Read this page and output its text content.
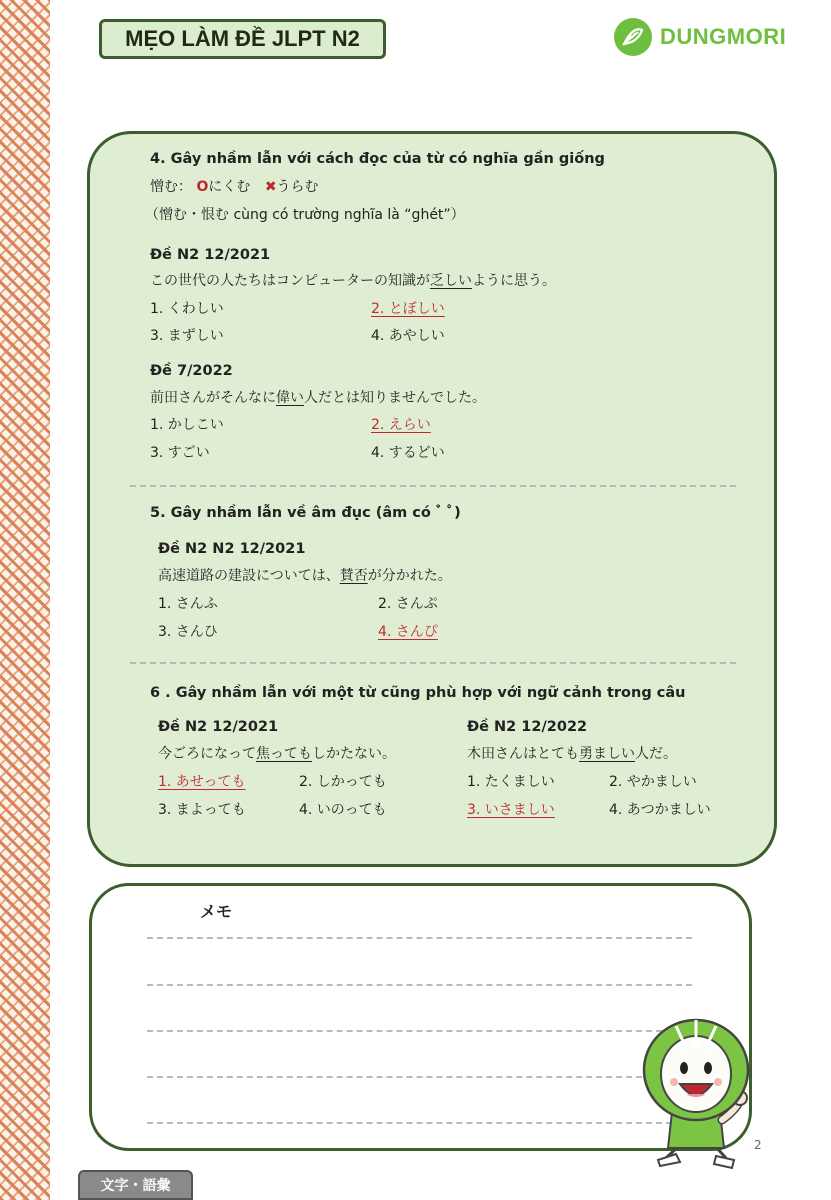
MẸO LÀM ĐỀ JLPT N2	DUNGMORI
4. Gây nhầm lẫn với cách đọc của từ có nghĩa gần giống
憎む： Oにくむ ✖うらむ
（憎む・恨む cùng có trường nghĩa là “ghét”）
Đề N2 12/2021
この世代の人たちはコンピューターの知識が乏しいように思う。
1. くわしい	2. とぼしい
3. まずしい	4. あやしい
Đề 7/2022
前田さんがそんなに偉い人だとは知りませんでした。
1. かしこい	2. えらい
3. すごい	4. するどい
5. Gây nhầm lẫn về âm đục (âm có ﾞ ﾟ)
Đề N2 N2 12/2021
高速道路の建設については、賛否が分かれた。
1. さんふ	2. さんぷ
3. さんひ	4. さんぴ
6 . Gây nhầm lẫn với một từ cũng phù hợp với ngữ cảnh trong câu
Đề N2 12/2021
今ごろになって焦ってもしかたない。
1. あせっても	2. しかっても
3. まよっても	4. いのっても
Đề N2 12/2022
木田さんはとても勇ましい人だ。
1. たくましい	2. やかましい
3. いさましい	4. あつかましい
メモ
2
文字・語彙
